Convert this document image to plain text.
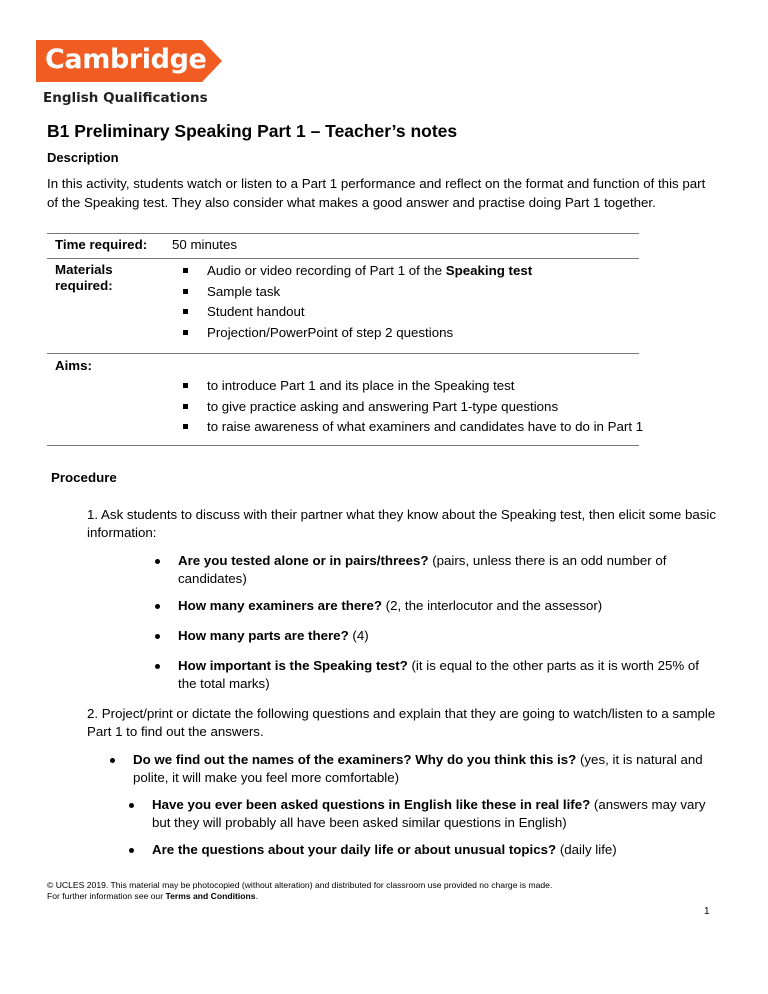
Cambridge
English Qualifications
B1 Preliminary Speaking Part 1 – Teacher’s notes
Description
In this activity, students watch or listen to a Part 1 performance and reflect on the format and function of this part of the Speaking test. They also consider what makes a good answer and practise doing Part 1 together.
Time required: 50 minutes
Materials required:
Audio or video recording of Part 1 of the Speaking test
Sample task
Student handout
Projection/PowerPoint of step 2 questions
Aims:
to introduce Part 1 and its place in the Speaking test
to give practice asking and answering Part 1-type questions
to raise awareness of what examiners and candidates have to do in Part 1
Procedure
1. Ask students to discuss with their partner what they know about the Speaking test, then elicit some basic information:
Are you tested alone or in pairs/threes? (pairs, unless there is an odd number of candidates)
How many examiners are there? (2, the interlocutor and the assessor)
How many parts are there? (4)
How important is the Speaking test? (it is equal to the other parts as it is worth 25% of the total marks)
2. Project/print or dictate the following questions and explain that they are going to watch/listen to a sample Part 1 to find out the answers.
Do we find out the names of the examiners? Why do you think this is? (yes, it is natural and polite, it will make you feel more comfortable)
Have you ever been asked questions in English like these in real life? (answers may vary but they will probably all have been asked similar questions in English)
Are the questions about your daily life or about unusual topics? (daily life)
© UCLES 2019. This material may be photocopied (without alteration) and distributed for classroom use provided no charge is made.
For further information see our Terms and Conditions.
1
